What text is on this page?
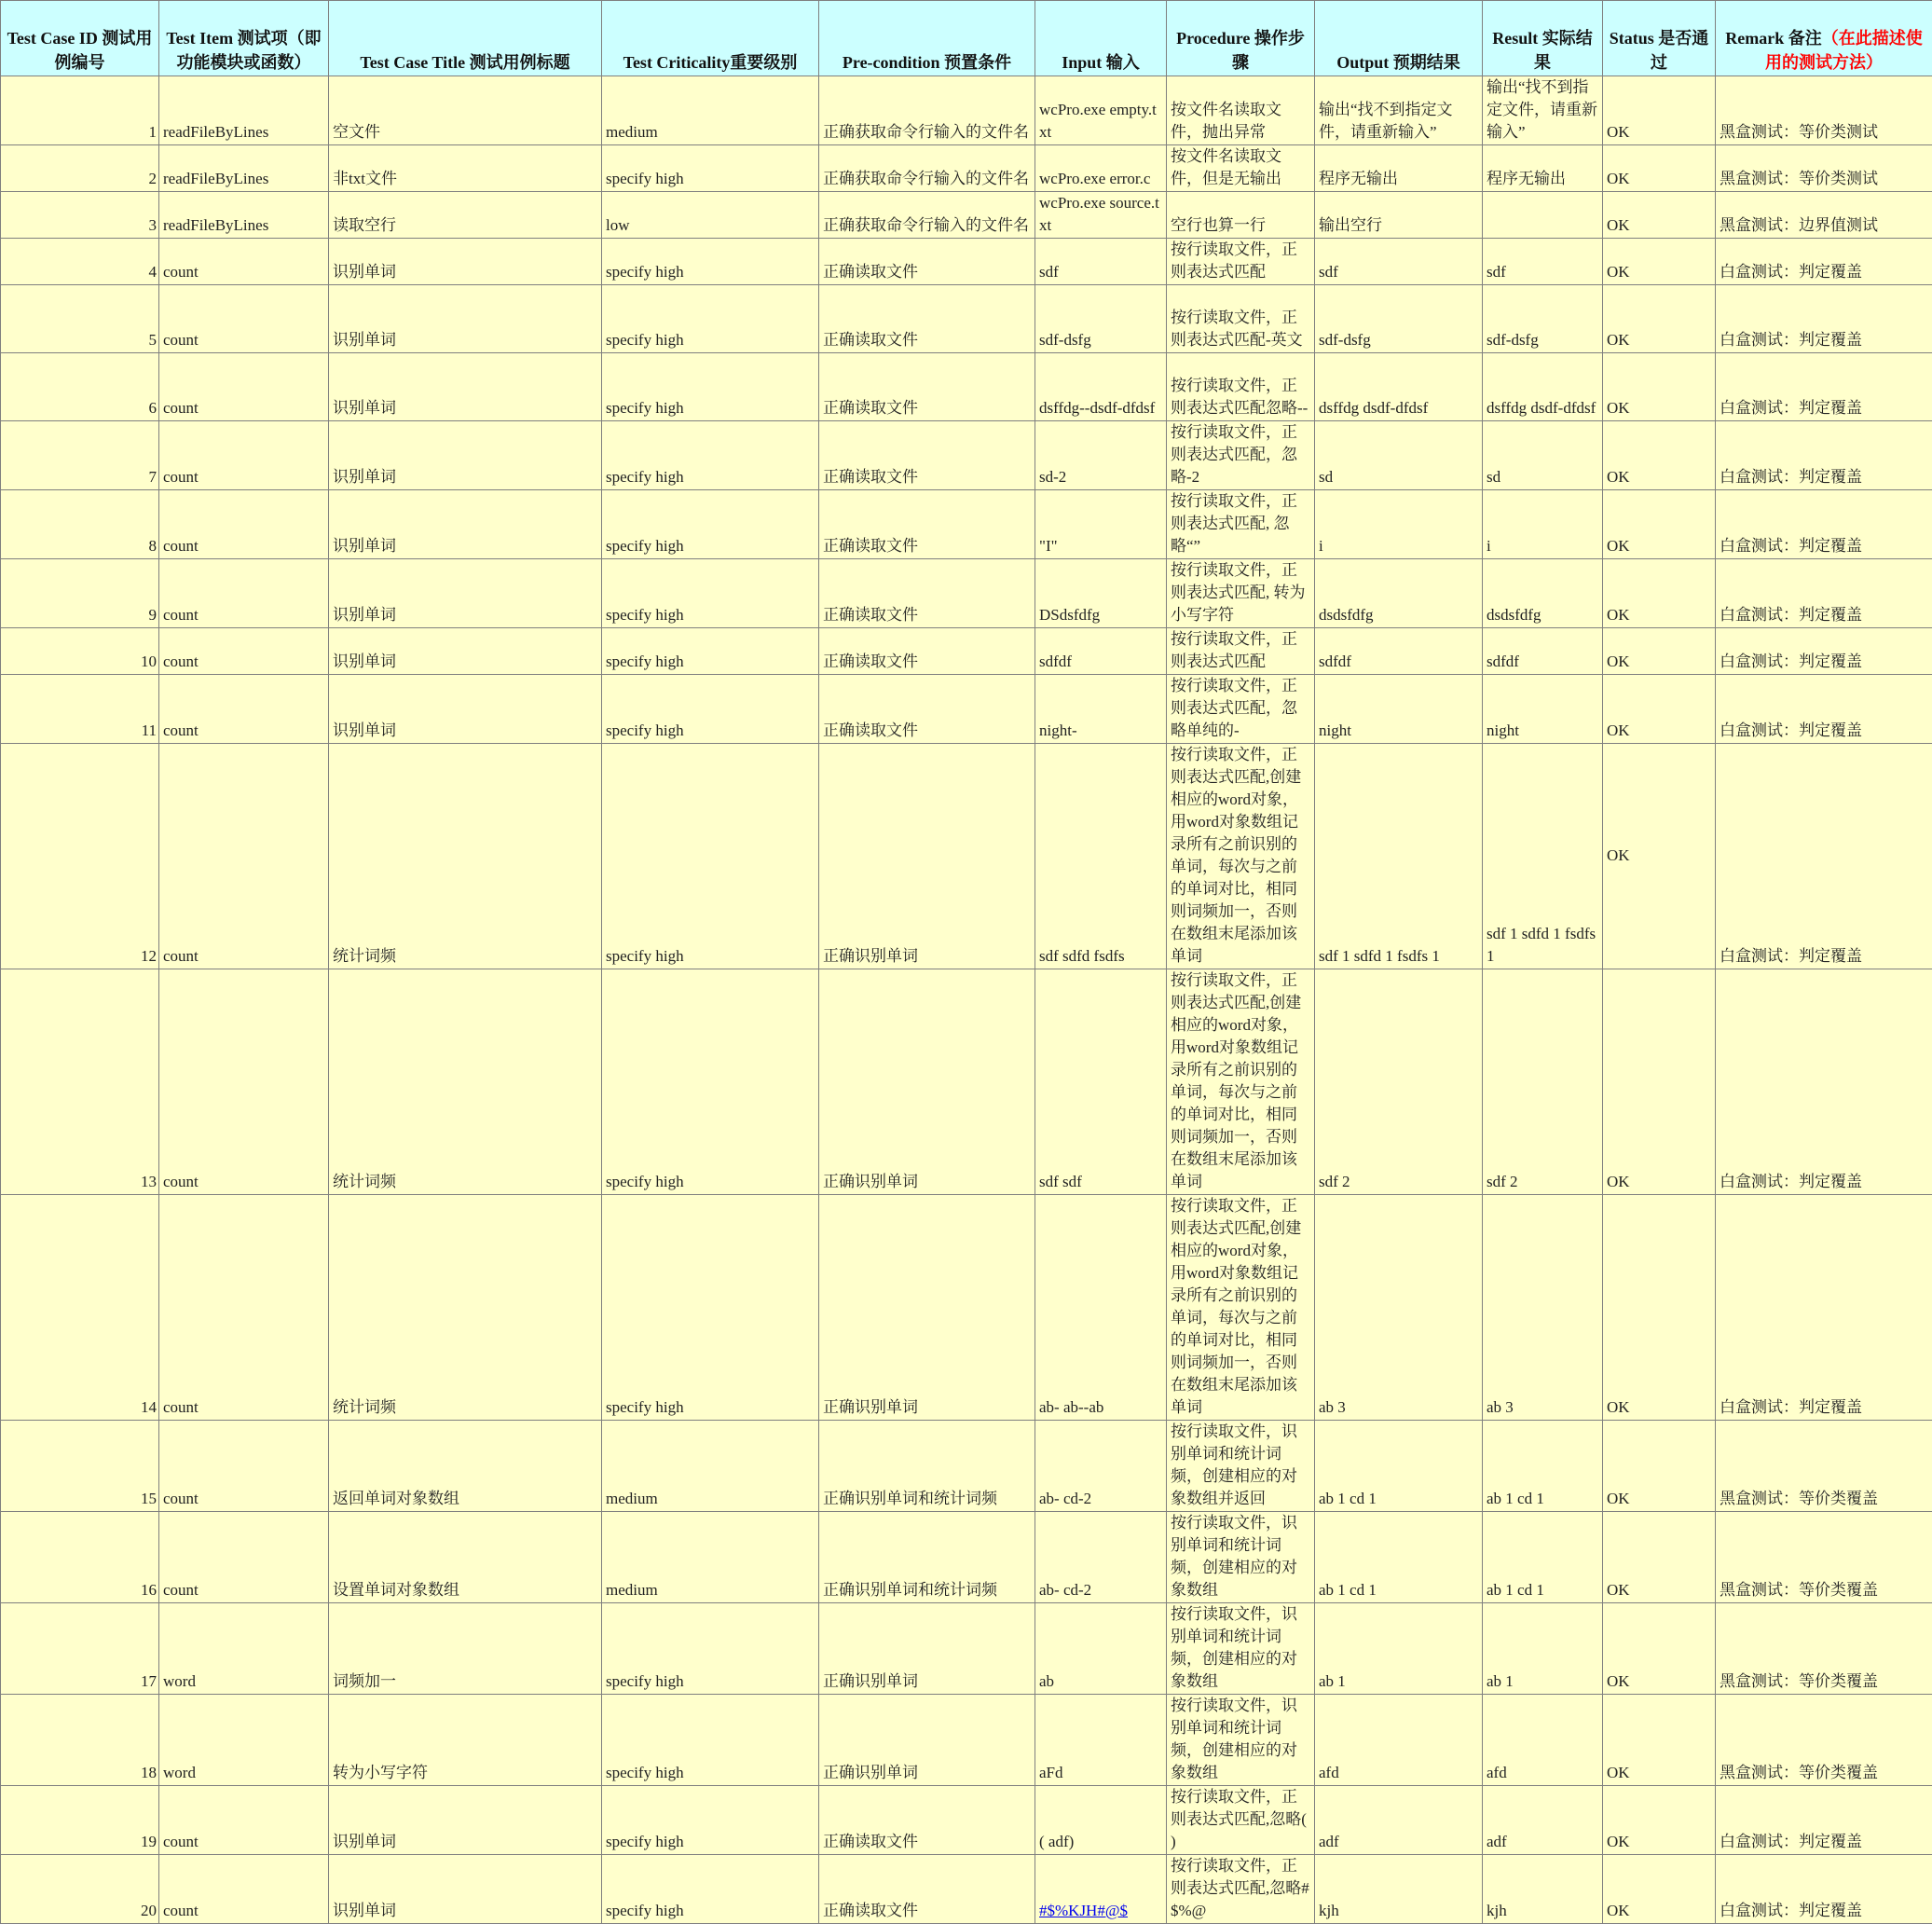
Test Case ID 测试用例编号	Test Item 测试项（即功能模块或函数）	Test Case Title 测试用例标题	Test Criticality重要级别	Pre-condition 预置条件	Input 输入	Procedure 操作步骤	Output 预期结果	Result 实际结果	Status 是否通过	Remark 备注（在此描述使用的测试方法）
1	readFileByLines	空文件	medium	正确获取命令行输入的文件名	wcPro.exe empty.txt	按文件名读取文件，抛出异常	输出“找不到指定文件，请重新输入”	输出“找不到指定文件，请重新输入”	OK	黑盒测试：等价类测试
2	readFileByLines	非txt文件	specify high	正确获取命令行输入的文件名	wcPro.exe error.c	按文件名读取文件，但是无输出	程序无输出	程序无输出	OK	黑盒测试：等价类测试
3	readFileByLines	读取空行	low	正确获取命令行输入的文件名	wcPro.exe source.txt	空行也算一行	输出空行		OK	黑盒测试：边界值测试
4	count	识别单词	specify high	正确读取文件	sdf	按行读取文件，正则表达式匹配	sdf	sdf	OK	白盒测试：判定覆盖
5	count	识别单词	specify high	正确读取文件	sdf-dsfg	按行读取文件，正则表达式匹配-英文	sdf-dsfg	sdf-dsfg	OK	白盒测试：判定覆盖
6	count	识别单词	specify high	正确读取文件	dsffdg--dsdf-dfdsf	按行读取文件，正则表达式匹配忽略--	dsffdg dsdf-dfdsf	dsffdg dsdf-dfdsf	OK	白盒测试：判定覆盖
7	count	识别单词	specify high	正确读取文件	sd-2	按行读取文件，正则表达式匹配，忽略-2	sd	sd	OK	白盒测试：判定覆盖
8	count	识别单词	specify high	正确读取文件	"I"	按行读取文件，正则表达式匹配, 忽略“”	i	i	OK	白盒测试：判定覆盖
9	count	识别单词	specify high	正确读取文件	DSdsfdfg	按行读取文件，正则表达式匹配, 转为小写字符	dsdsfdfg	dsdsfdfg	OK	白盒测试：判定覆盖
10	count	识别单词	specify high	正确读取文件	sdfdf	按行读取文件，正则表达式匹配	sdfdf	sdfdf	OK	白盒测试：判定覆盖
11	count	识别单词	specify high	正确读取文件	night-	按行读取文件，正则表达式匹配，忽略单纯的-	night	night	OK	白盒测试：判定覆盖
12	count	统计词频	specify high	正确识别单词	sdf sdfd fsdfs	按行读取文件，正则表达式匹配,创建相应的word对象，用word对象数组记录所有之前识别的单词，每次与之前的单词对比，相同则词频加一，否则在数组末尾添加该单词	sdf 1 sdfd 1 fsdfs 1	sdf 1 sdfd 1 fsdfs 1	OK	白盒测试：判定覆盖
13	count	统计词频	specify high	正确识别单词	sdf sdf	按行读取文件，正则表达式匹配,创建相应的word对象，用word对象数组记录所有之前识别的单词，每次与之前的单词对比，相同则词频加一，否则在数组末尾添加该单词	sdf 2	sdf 2	OK	白盒测试：判定覆盖
14	count	统计词频	specify high	正确识别单词	ab- ab--ab	按行读取文件，正则表达式匹配,创建相应的word对象，用word对象数组记录所有之前识别的单词，每次与之前的单词对比，相同则词频加一，否则在数组末尾添加该单词	ab 3	ab 3	OK	白盒测试：判定覆盖
15	count	返回单词对象数组	medium	正确识别单词和统计词频	ab- cd-2	按行读取文件，识别单词和统计词频，创建相应的对象数组并返回	ab 1 cd 1	ab 1 cd 1	OK	黑盒测试：等价类覆盖
16	count	设置单词对象数组	medium	正确识别单词和统计词频	ab- cd-2	按行读取文件，识别单词和统计词频，创建相应的对象数组	ab 1 cd 1	ab 1 cd 1	OK	黑盒测试：等价类覆盖
17	word	词频加一	specify high	正确识别单词	ab	按行读取文件，识别单词和统计词频，创建相应的对象数组	ab 1	ab 1	OK	黑盒测试：等价类覆盖
18	word	转为小写字符	specify high	正确识别单词	aFd	按行读取文件，识别单词和统计词频，创建相应的对象数组	afd	afd	OK	黑盒测试：等价类覆盖
19	count	识别单词	specify high	正确读取文件	( adf)	按行读取文件，正则表达式匹配,忽略( )	adf	adf	OK	白盒测试：判定覆盖
20	count	识别单词	specify high	正确读取文件	#$%KJH#@$	按行读取文件，正则表达式匹配,忽略#$%@	kjh	kjh	OK	白盒测试：判定覆盖
